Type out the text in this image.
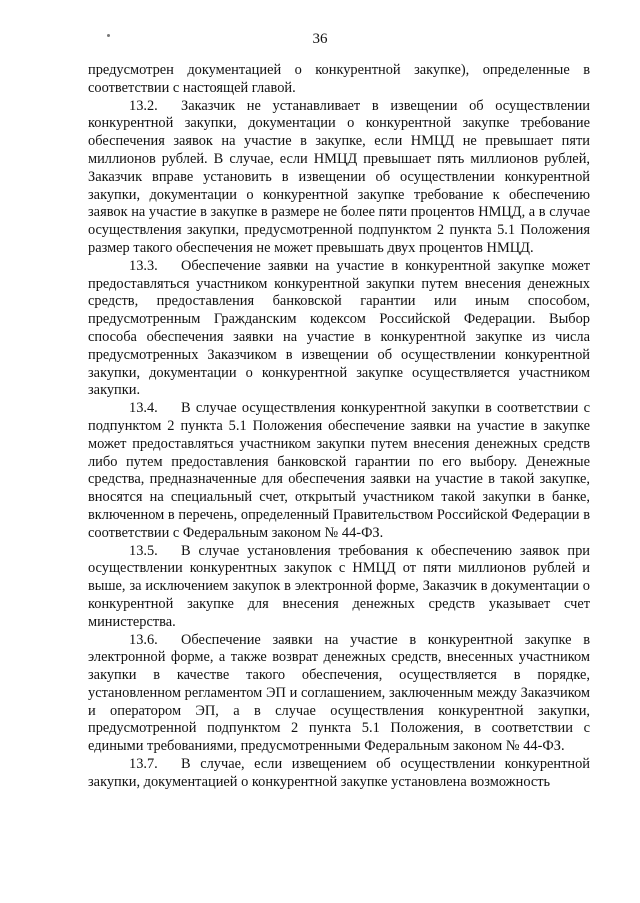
36

предусмотрен документацией о конкурентной закупке), определенные в соответствии с настоящей главой.

13.2. Заказчик не устанавливает в извещении об осуществлении конкурентной закупки, документации о конкурентной закупке требование обеспечения заявок на участие в закупке, если НМЦД не превышает пяти миллионов рублей. В случае, если НМЦД превышает пять миллионов рублей, Заказчик вправе установить в извещении об осуществлении конкурентной закупки, документации о конкурентной закупке требование к обеспечению заявок на участие в закупке в размере не более пяти процентов НМЦД, а в случае осуществления закупки, предусмотренной подпунктом 2 пункта 5.1 Положения размер такого обеспечения не может превышать двух процентов НМЦД.

13.3. Обеспечение заявки на участие в конкурентной закупке может предоставляться участником конкурентной закупки путем внесения денежных средств, предоставления банковской гарантии или иным способом, предусмотренным Гражданским кодексом Российской Федерации. Выбор способа обеспечения заявки на участие в конкурентной закупке из числа предусмотренных Заказчиком в извещении об осуществлении конкурентной закупки, документации о конкурентной закупке осуществляется участником закупки.

13.4. В случае осуществления конкурентной закупки в соответствии с подпунктом 2 пункта 5.1 Положения обеспечение заявки на участие в закупке может предоставляться участником закупки путем внесения денежных средств либо путем предоставления банковской гарантии по его выбору. Денежные средства, предназначенные для обеспечения заявки на участие в такой закупке, вносятся на специальный счет, открытый участником такой закупки в банке, включенном в перечень, определенный Правительством Российской Федерации в соответствии с Федеральным законом № 44-ФЗ.

13.5. В случае установления требования к обеспечению заявок при осуществлении конкурентных закупок с НМЦД от пяти миллионов рублей и выше, за исключением закупок в электронной форме, Заказчик в документации о конкурентной закупке для внесения денежных средств указывает счет министерства.

13.6. Обеспечение заявки на участие в конкурентной закупке в электронной форме, а также возврат денежных средств, внесенных участником закупки в качестве такого обеспечения, осуществляется в порядке, установленном регламентом ЭП и соглашением, заключенным между Заказчиком и оператором ЭП, а в случае осуществления конкурентной закупки, предусмотренной подпунктом 2 пункта 5.1 Положения, в соответствии с едиными требованиями, предусмотренными Федеральным законом № 44-ФЗ.

13.7. В случае, если извещением об осуществлении конкурентной закупки, документацией о конкурентной закупке установлена возможность
